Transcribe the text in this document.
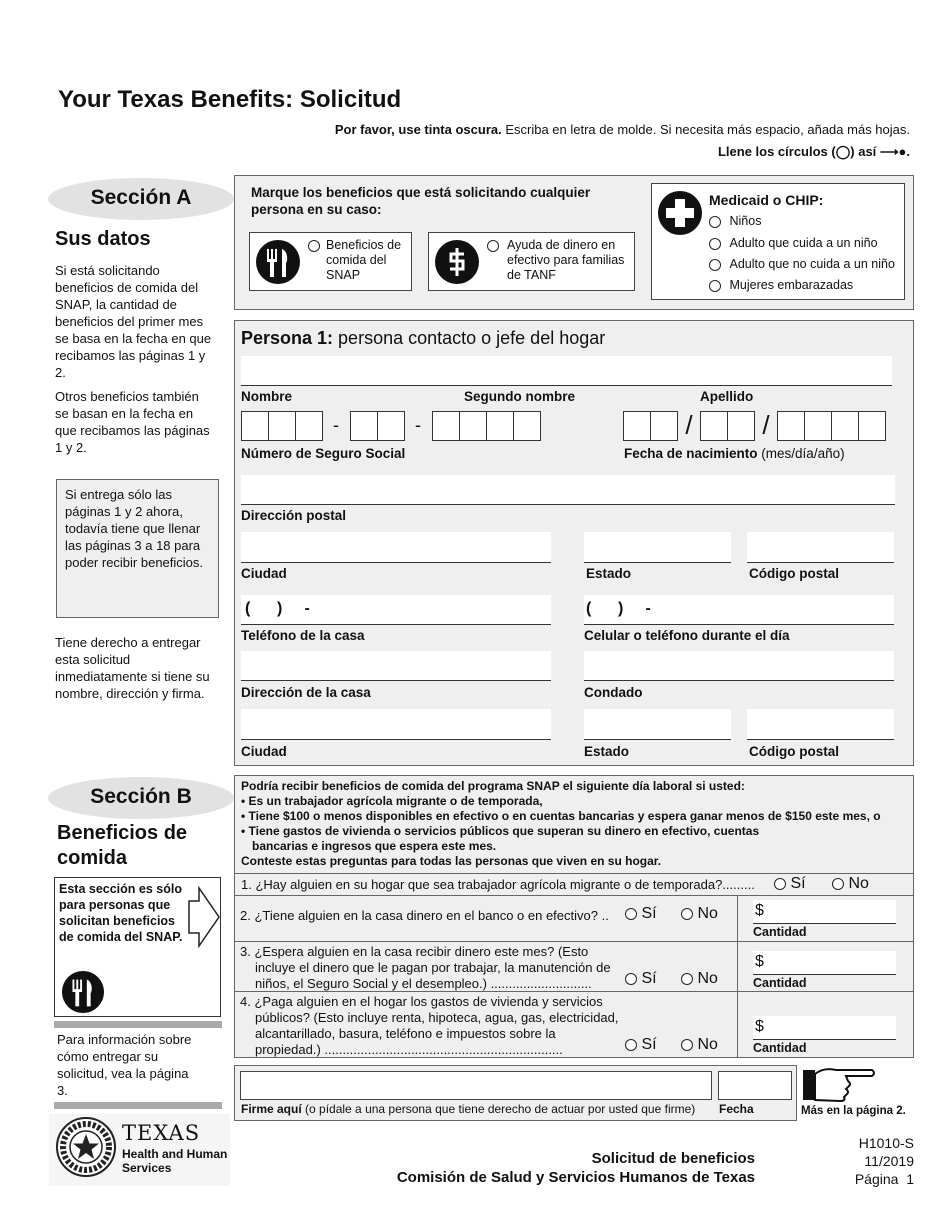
Your Texas Benefits: Solicitud
Por favor, use tinta oscura. Escriba en letra de molde. Si necesita más espacio, añada más hojas.
Llene los círculos (◯) así ⟶●.
Sección A
Sus datos
Si está solicitando beneficios de comida del SNAP, la cantidad de beneficios del primer mes se basa en la fecha en que recibamos las páginas 1 y 2.
Otros beneficios también se basan en la fecha en que recibamos las páginas 1 y 2.
Si entrega sólo las páginas 1 y 2 ahora, todavía tiene que llenar las páginas 3 a 18 para poder recibir beneficios.
Tiene derecho a entregar esta solicitud inmediatamente si tiene su nombre, dirección y firma.
Marque los beneficios que está solicitando cualquier persona en su caso:
Beneficios de comida del SNAP
Ayuda de dinero en efectivo para familias de TANF
Medicaid o CHIP:
Niños
Adulto que cuida a un niño
Adulto que no cuida a un niño
Mujeres embarazadas
Persona 1: persona contacto o jefe del hogar
Nombre	Segundo nombre	Apellido
-	-	/	/
Número de Seguro Social	Fecha de nacimiento (mes/día/año)
Dirección postal
Ciudad	Estado	Código postal
(      )     -	(      )     -
Teléfono de la casa	Celular o teléfono durante el día
Dirección de la casa	Condado
Ciudad	Estado	Código postal
Sección B
Beneficios de comida
Esta sección es sólo para personas que solicitan beneficios de comida del SNAP.
Para información sobre cómo entregar su solicitud, vea la página 3.
Podría recibir beneficios de comida del programa SNAP el siguiente día laboral si usted:
• Es un trabajador agrícola migrante o de temporada,
• Tiene $100 o menos disponibles en efectivo o en cuentas bancarias y espera ganar menos de $150 este mes, o
• Tiene gastos de vivienda o servicios públicos que superan su dinero en efectivo, cuentas
bancarias e ingresos que espera este mes.
Conteste estas preguntas para todas las personas que viven en su hogar.
1. ¿Hay alguien en su hogar que sea trabajador agrícola migrante o de temporada?.........	Sí	No
2. ¿Tiene alguien en la casa dinero en el banco o en efectivo? ..	Sí	No $
Cantidad
3. ¿Espera alguien en la casa recibir dinero este mes? (Esto incluye el dinero que le pagan por trabajar, la manutención de niños, el Seguro Social y el desempleo.) ............................	Sí	No
$
Cantidad
4. ¿Paga alguien en el hogar los gastos de vivienda y servicios públicos? (Esto incluye renta, hipoteca, agua, gas, electricidad, alcantarillado, basura, teléfono e impuestos sobre la propiedad.) ..................................................................	Sí	No
$
Cantidad
Firme aquí (o pídale a una persona que tiene derecho de actuar por usted que firme) Fecha	Más en la página 2.
TEXAS
Health and Human
Services
Solicitud de beneficios
Comisión de Salud y Servicios Humanos de Texas
H1010-S
11/2019
Página  1
